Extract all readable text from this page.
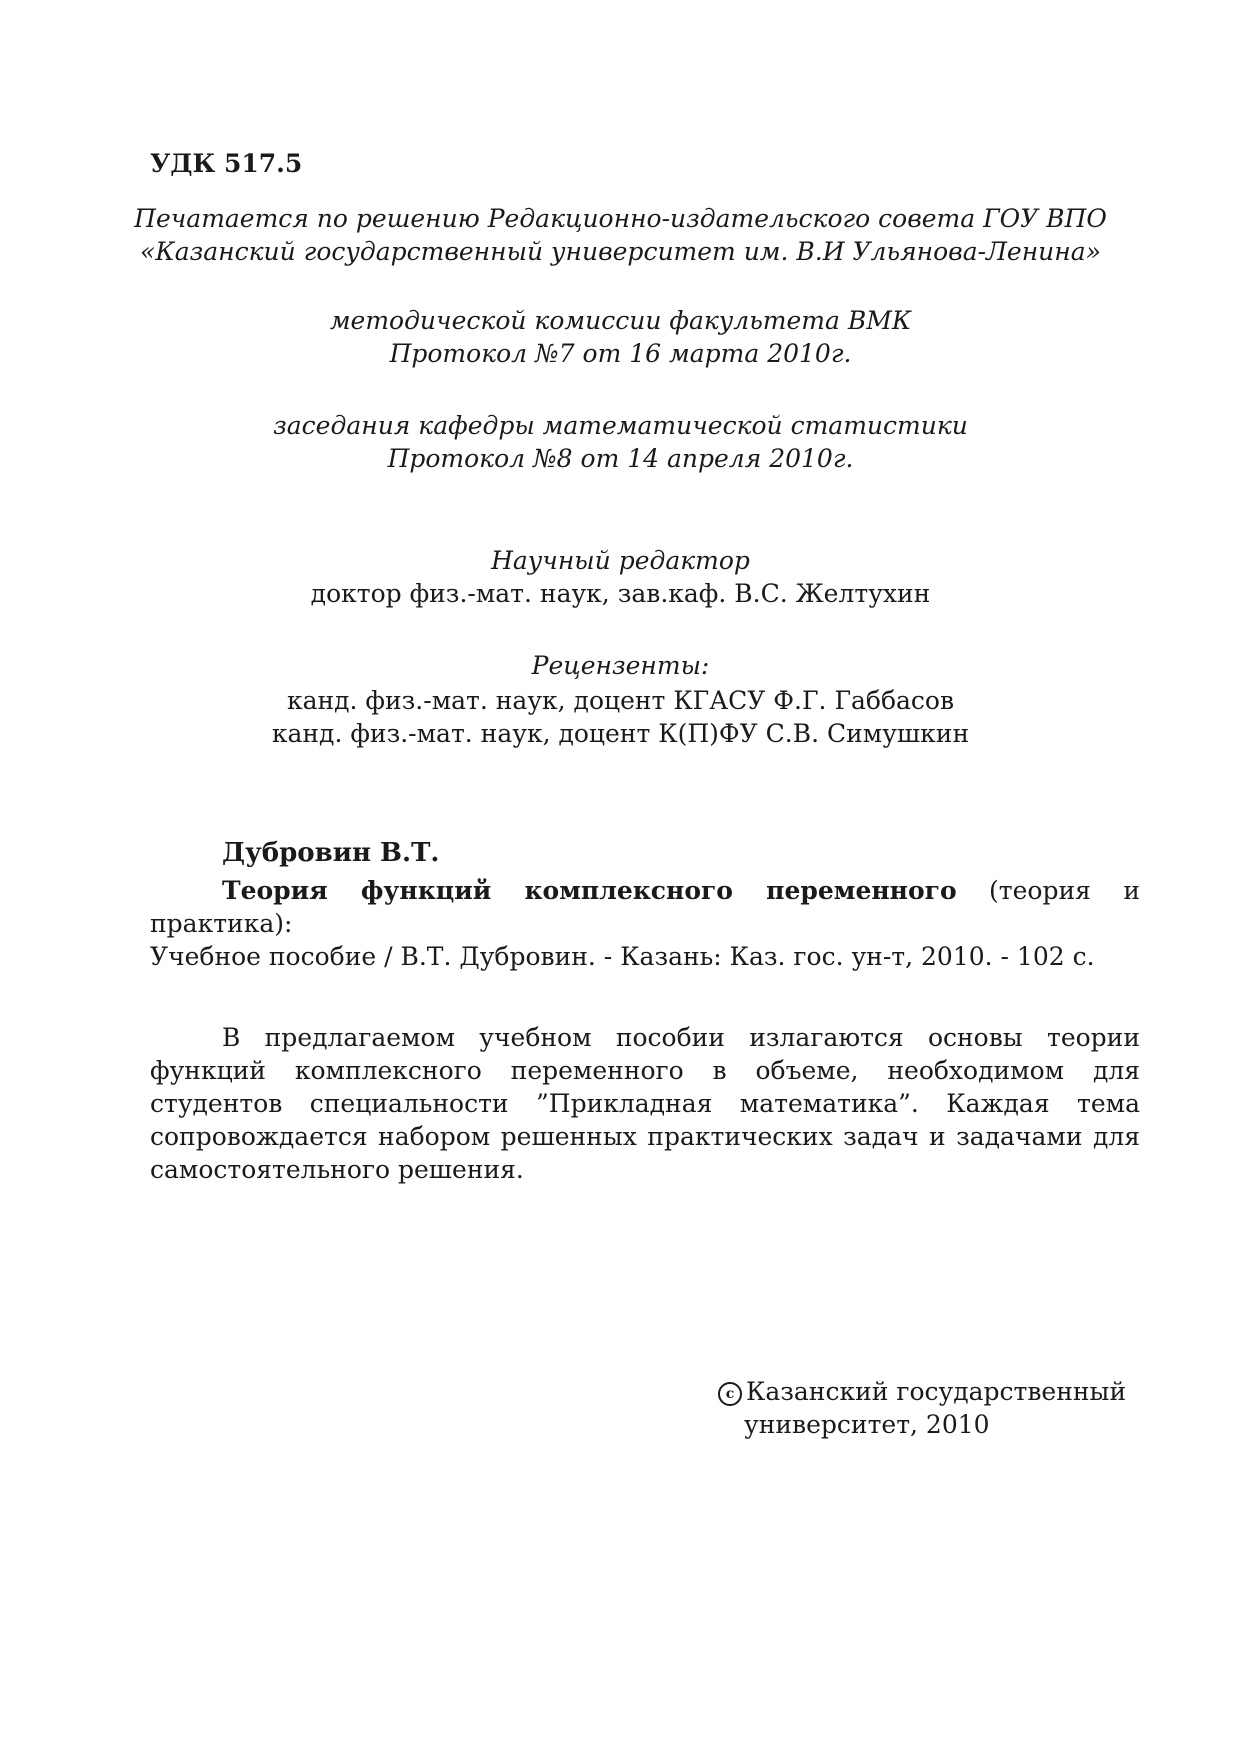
УДК 517.5
Печатается по решению Редакционно-издательского совета ГОУ ВПО
«Казанский государственный университет им. В.И Ульянова-Ленина»
методической комиссии факультета ВМК
Протокол №7 от 16 марта 2010г.
заседания кафедры математической статистики
Протокол №8 от 14 апреля 2010г.
Научный редактор
доктор физ.-мат. наук, зав.каф. В.С. Желтухин
Рецензенты:
канд. физ.-мат. наук, доцент КГАСУ Ф.Г. Габбасов
канд. физ.-мат. наук, доцент К(П)ФУ С.В. Симушкин
Дубровин В.Т.
Теория функций комплексного переменного (теория и практика):
Учебное пособие / В.Т. Дубровин. - Казань: Каз. гос. ун-т, 2010. - 102 с.

В предлагаемом учебном пособии излагаются основы теории функций комплексного переменного в объеме, необходимом для студентов специальности ”Прикладная математика”. Каждая тема сопровождается набором решенных практических задач и задачами для самостоятельного решения.

c Казанский государственный
университет, 2010
